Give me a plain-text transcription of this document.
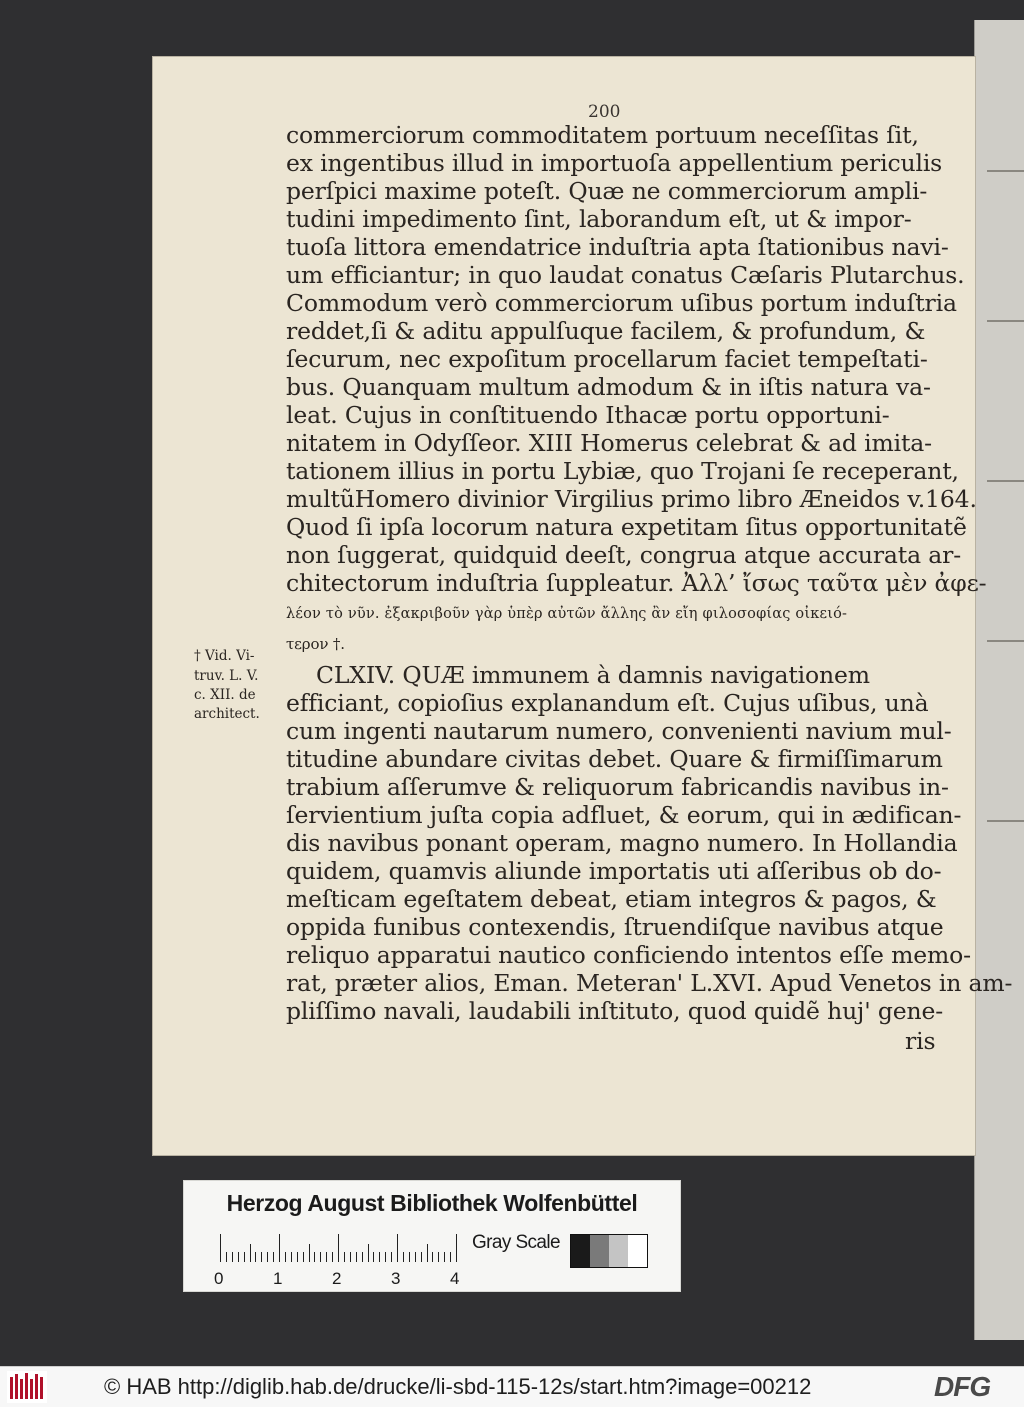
200
commerciorum commoditatem portuum neceſſitas ſit,
ex ingentibus illud in importuoſa appellentium periculis
perſpici maxime poteſt. Quæ ne commerciorum ampli-
tudini impedimento ſint, laborandum eſt, ut & impor-
tuoſa littora emendatrice induſtria apta ſtationibus navi-
um efficiantur; in quo laudat conatus Cæſaris Plutarchus.
Commodum verò commerciorum uſibus portum induſtria
reddet,ſi & aditu appulſuque facilem, & profundum, &
ſecurum, nec expoſitum procellarum faciet tempeſtati-
bus. Quanquam multum admodum & in iſtis natura va-
leat. Cujus in conſtituendo Ithacæ portu opportuni-
nitatem in Odyſſeor. XIII Homerus celebrat & ad imita-
tationem illius in portu Lybiæ, quo Trojani ſe receperant,
multũHomero divinior Virgilius primo libro Æneidos v.164.
Quod ſi ipſa locorum natura expetitam ſitus opportunitatẽ
non ſuggerat, quidquid deeſt, congrua atque accurata ar-
chitectorum induſtria ſuppleatur. Ἀλλ’ ἴσως ταῦτα μὲν ἀφε-
λέον τὸ νῦν. ἐξακριβοῦν γὰρ ὑπὲρ αὐτῶν ἄλλης ἂν εἴη φιλοσοφίας οἰκειό-
τερον †.
CLXIV. QUÆ immunem à damnis navigationem
efficiant, copioſius explanandum eſt. Cujus uſibus, unà
cum ingenti nautarum numero, convenienti navium mul-
titudine abundare civitas debet. Quare & firmiſſimarum
trabium aſſerumve & reliquorum fabricandis navibus in-
ſervientium juſta copia adfluet, & eorum, qui in ædifican-
dis navibus ponant operam, magno numero. In Hollandia
quidem, quamvis aliunde importatis uti aſſeribus ob do-
meſticam egeſtatem debeat, etiam integros & pagos, &
oppida funibus contexendis, ſtruendiſque navibus atque
reliquo apparatui nautico conficiendo intentos eſſe memo-
rat, præter alios, Eman. Meteran' L.XVI. Apud Venetos in am-
pliſſimo navali, laudabili inſtituto, quod quidẽ huj' gene-
ris
† Vid. Vi-
truv. L. V.
c. XII. de
architect.
Herzog August Bibliothek Wolfenbüttel
0	1	2	3	4
Gray Scale
© HAB http://diglib.hab.de/drucke/li-sbd-115-12s/start.htm?image=00212	DFG
